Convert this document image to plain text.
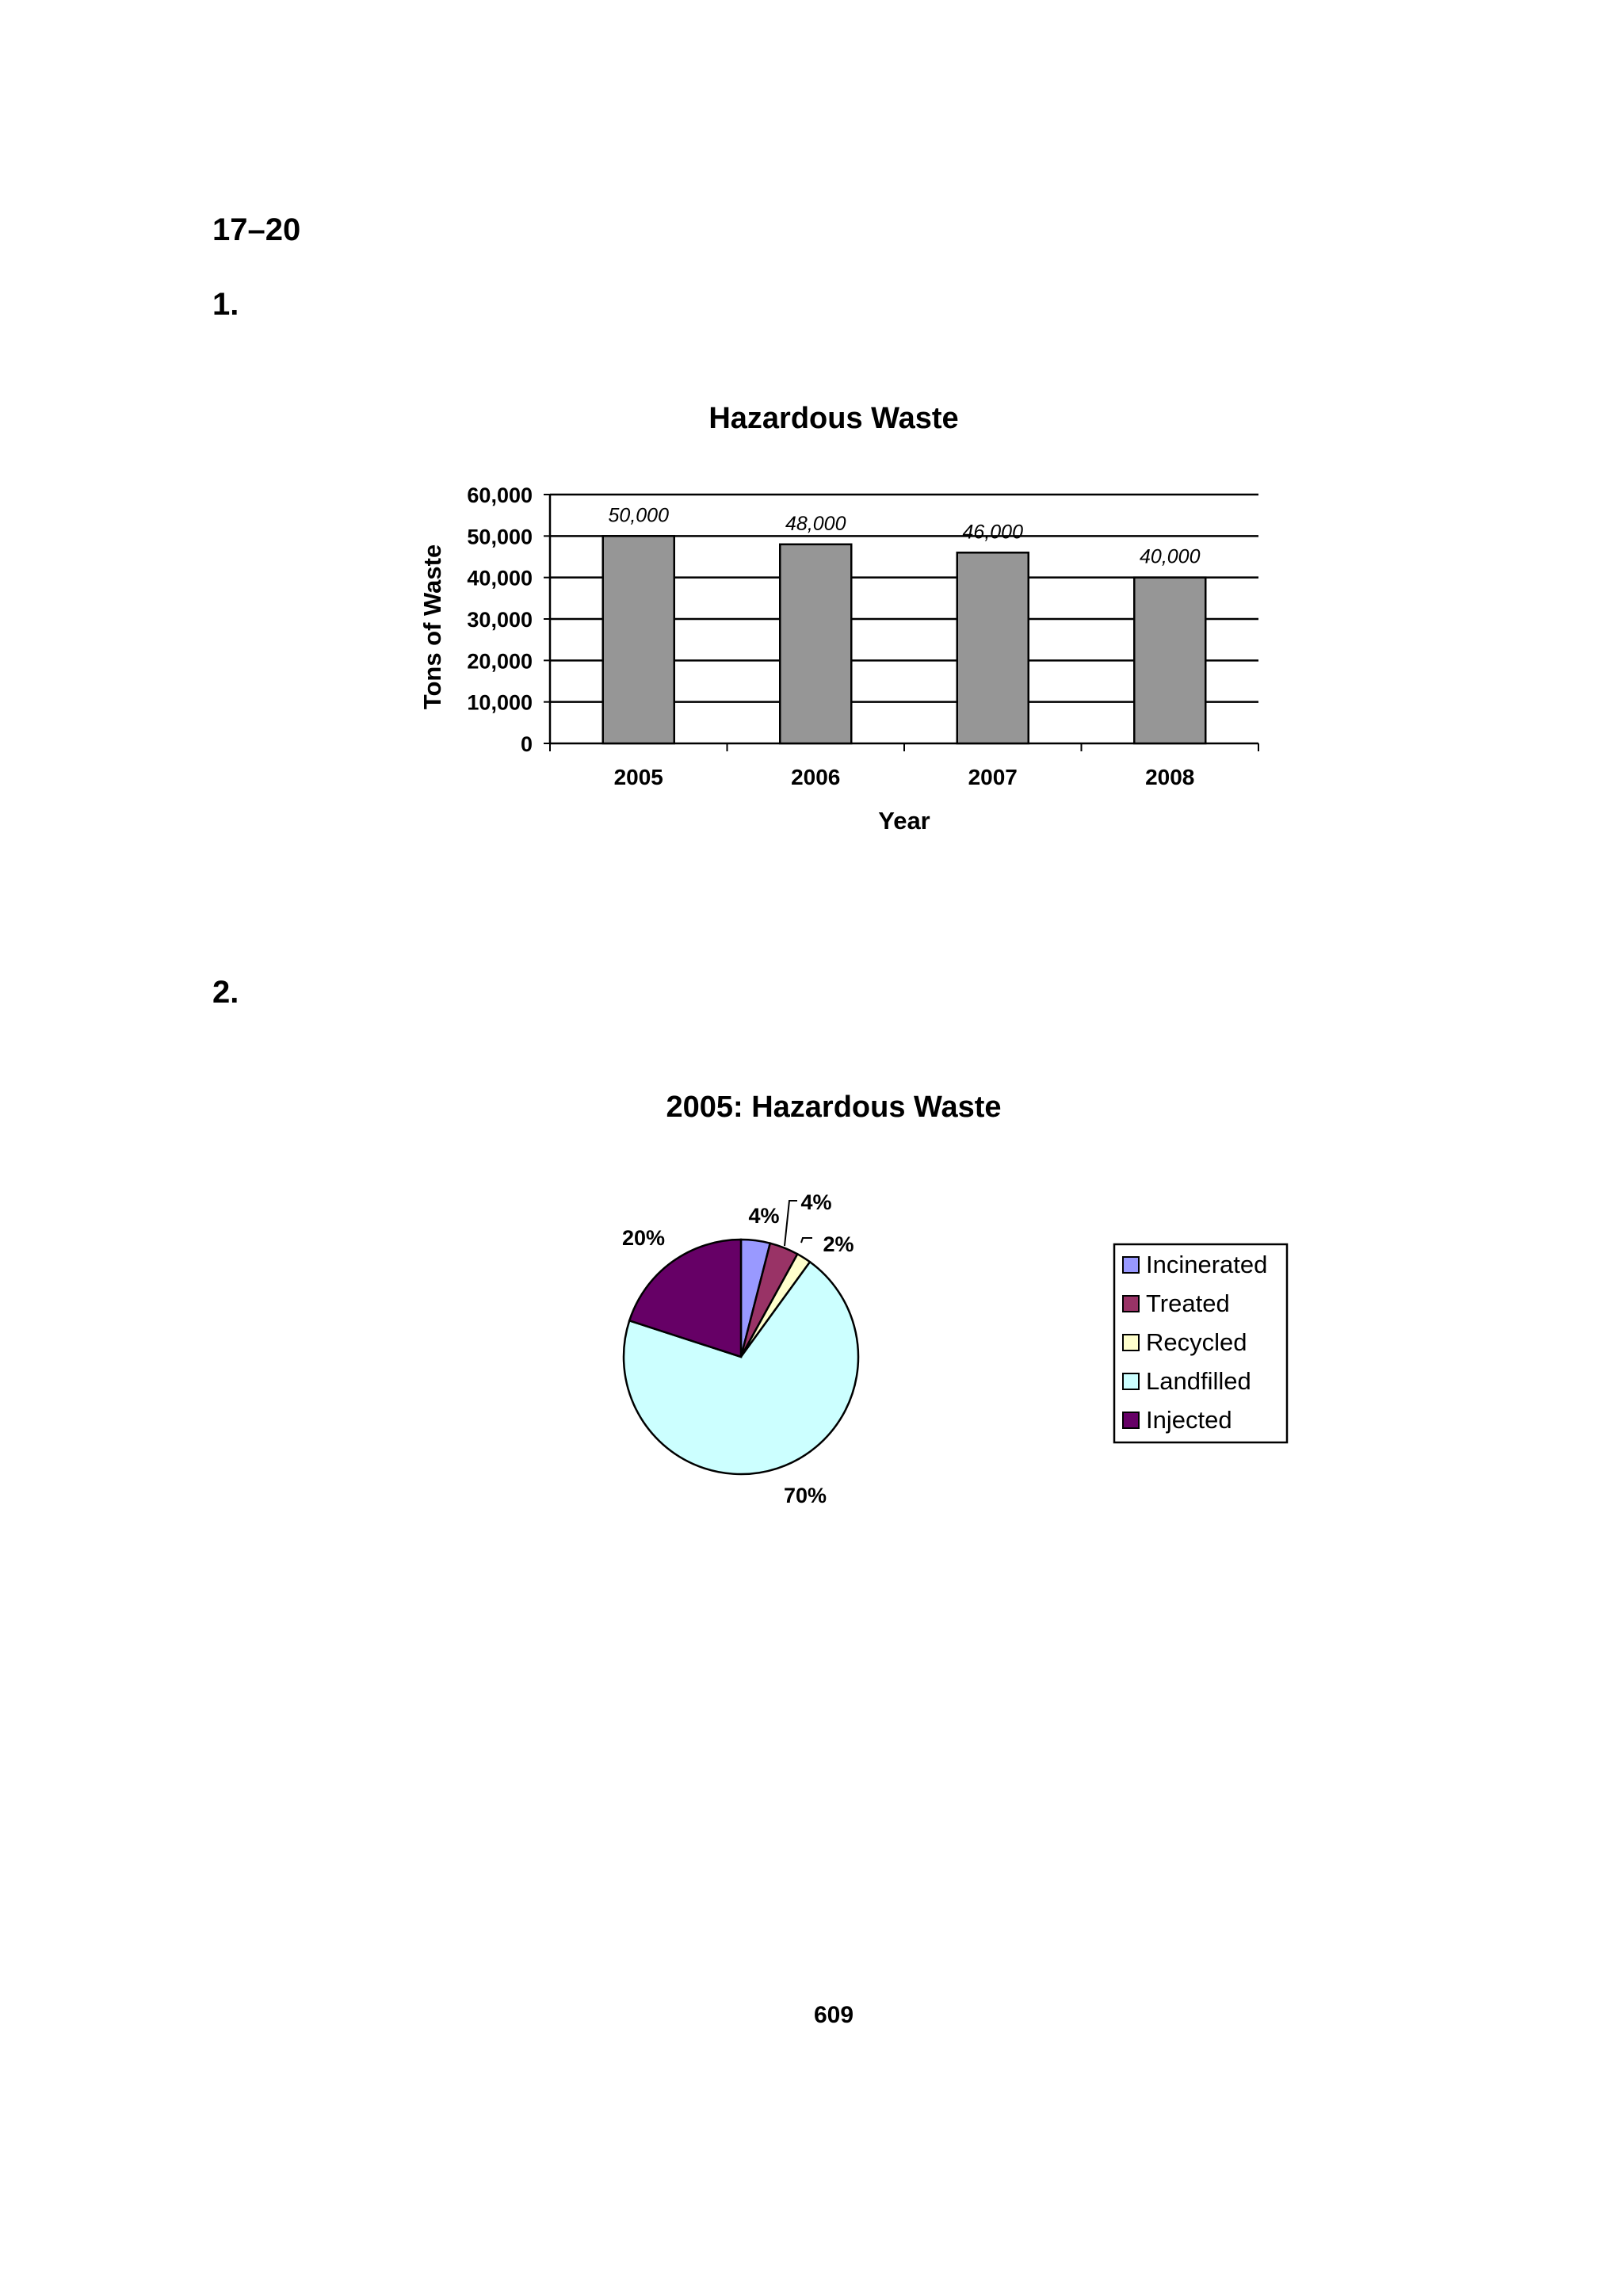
17–20
1.
2.
Hazardous Waste
0
10,000
20,000
30,000
40,000
50,000
60,000
50,000
2005
48,000
2006
46,000
2007
40,000
2008
Year
Tons of Waste
2005: Hazardous Waste
4%
4%
2%
70%
20%
Incinerated
Treated
Recycled
Landfilled
Injected
609
